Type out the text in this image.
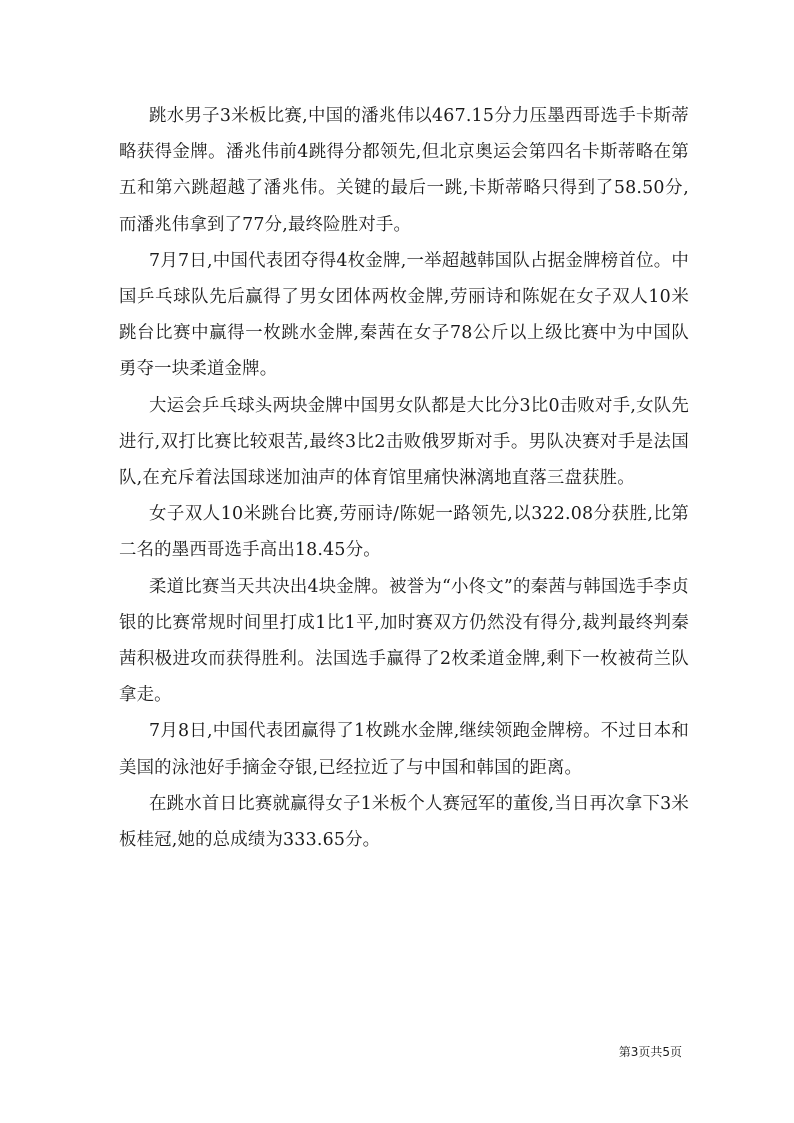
跳水男子3米板比赛,中国的潘兆伟以467.15分力压墨西哥选手卡斯蒂略获得金牌。潘兆伟前4跳得分都领先,但北京奥运会第四名卡斯蒂略在第五和第六跳超越了潘兆伟。关键的最后一跳,卡斯蒂略只得到了58.50分,而潘兆伟拿到了77分,最终险胜对手。

7月7日,中国代表团夺得4枚金牌,一举超越韩国队占据金牌榜首位。中国乒乓球队先后赢得了男女团体两枚金牌,劳丽诗和陈妮在女子双人10米跳台比赛中赢得一枚跳水金牌,秦茜在女子78公斤以上级比赛中为中国队勇夺一块柔道金牌。

大运会乒乓球头两块金牌中国男女队都是大比分3比0击败对手,女队先进行,双打比赛比较艰苦,最终3比2击败俄罗斯对手。男队决赛对手是法国队,在充斥着法国球迷加油声的体育馆里痛快淋漓地直落三盘获胜。

女子双人10米跳台比赛,劳丽诗/陈妮一路领先,以322.08分获胜,比第二名的墨西哥选手高出18.45分。

柔道比赛当天共决出4块金牌。被誉为“小佟文”的秦茜与韩国选手李贞银的比赛常规时间里打成1比1平,加时赛双方仍然没有得分,裁判最终判秦茜积极进攻而获得胜利。法国选手赢得了2枚柔道金牌,剩下一枚被荷兰队拿走。

7月8日,中国代表团赢得了1枚跳水金牌,继续领跑金牌榜。不过日本和美国的泳池好手摘金夺银,已经拉近了与中国和韩国的距离。

在跳水首日比赛就赢得女子1米板个人赛冠军的董俊,当日再次拿下3米板桂冠,她的总成绩为333.65分。

第3页共5页
